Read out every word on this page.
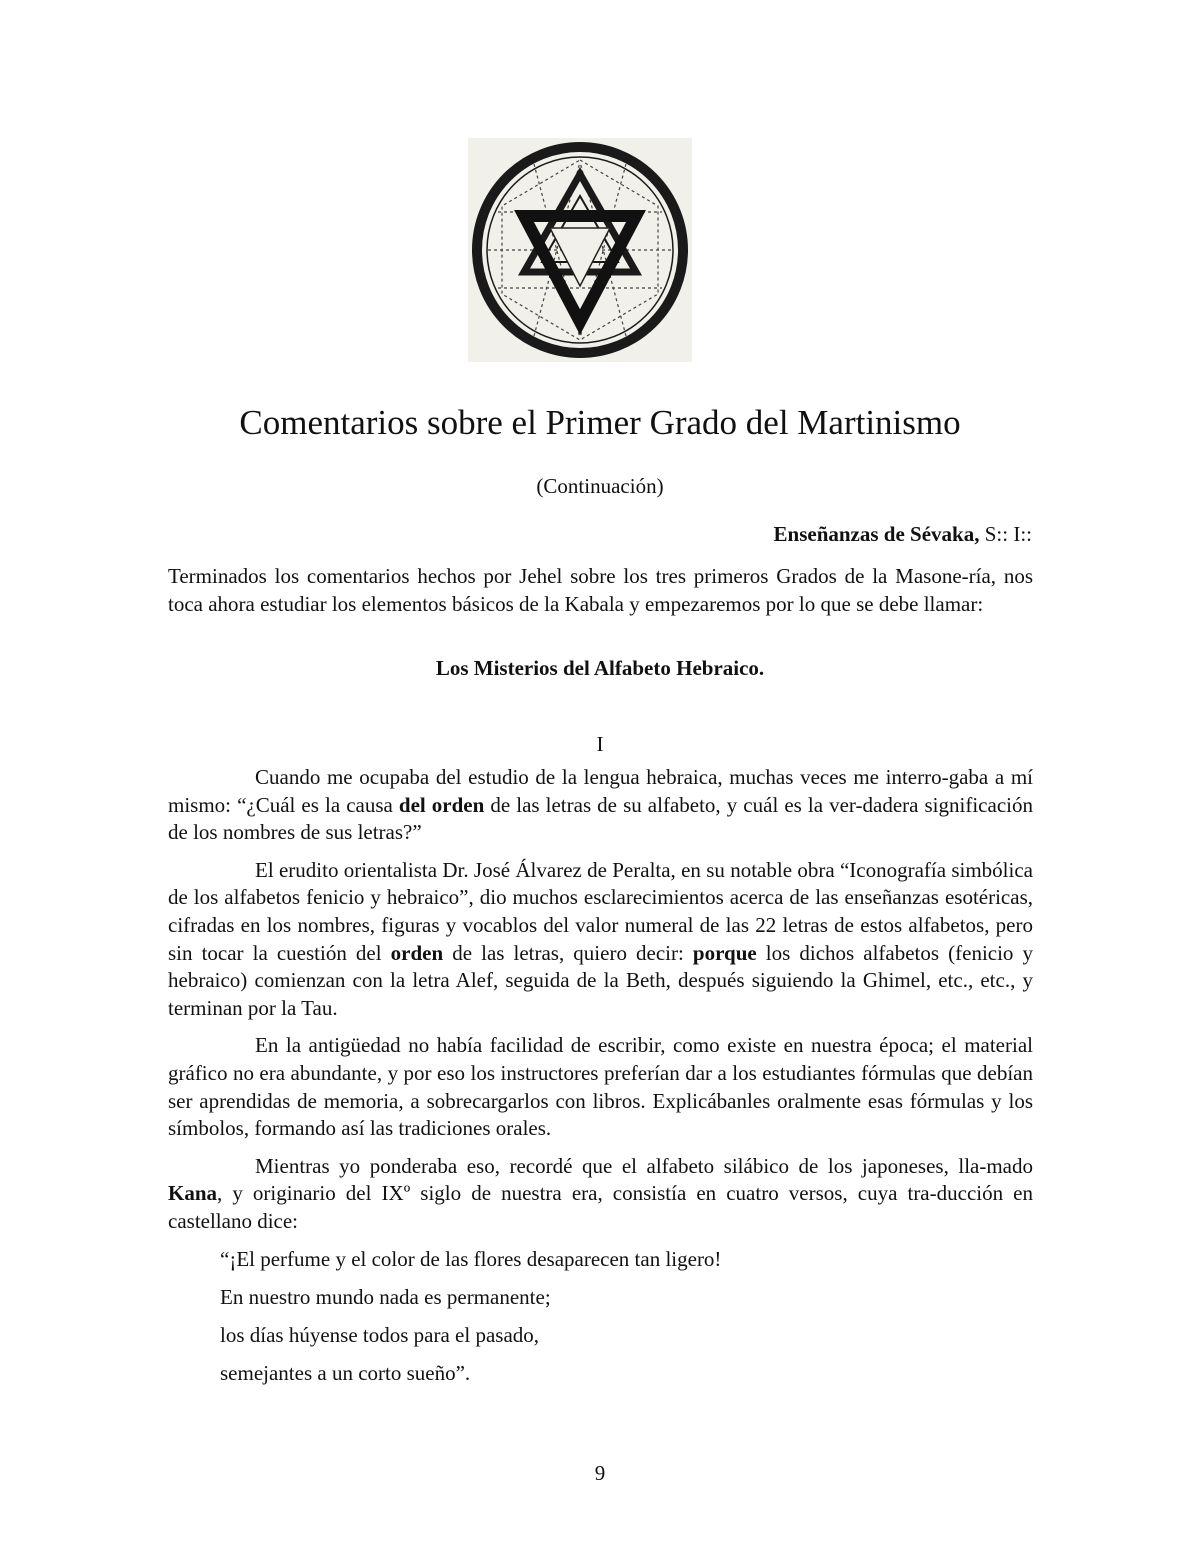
Comentarios sobre el Primer Grado del Martinismo
(Continuación)
Enseñanzas de Sévaka, S:: I::

Terminados los comentarios hechos por Jehel sobre los tres primeros Grados de la Masone-ría, nos toca ahora estudiar los elementos básicos de la Kabala y empezaremos por lo que se debe llamar:

Los Misterios del Alfabeto Hebraico.
I

Cuando me ocupaba del estudio de la lengua hebraica, muchas veces me interro-gaba a mí mismo: “¿Cuál es la causa del orden de las letras de su alfabeto, y cuál es la ver-dadera significación de los nombres de sus letras?”

El erudito orientalista Dr. José Álvarez de Peralta, en su notable obra “Iconografía simbólica de los alfabetos fenicio y hebraico”, dio muchos esclarecimientos acerca de las enseñanzas esotéricas, cifradas en los nombres, figuras y vocablos del valor numeral de las 22 letras de estos alfabetos, pero sin tocar la cuestión del orden de las letras, quiero decir: porque los dichos alfabetos (fenicio y hebraico) comienzan con la letra Alef, seguida de la Beth, después siguiendo la Ghimel, etc., etc., y terminan por la Tau.

En la antigüedad no había facilidad de escribir, como existe en nuestra época; el material gráfico no era abundante, y por eso los instructores preferían dar a los estudiantes fórmulas que debían ser aprendidas de memoria, a sobrecargarlos con libros. Explicábanles oralmente esas fórmulas y los símbolos, formando así las tradiciones orales.

Mientras yo ponderaba eso, recordé que el alfabeto silábico de los japoneses, lla-mado Kana, y originario del IXº siglo de nuestra era, consistía en cuatro versos, cuya tra-ducción en castellano dice:

“¡El perfume y el color de las flores desaparecen tan ligero!
En nuestro mundo nada es permanente;
los días húyense todos para el pasado,
semejantes a un corto sueño”.
9
